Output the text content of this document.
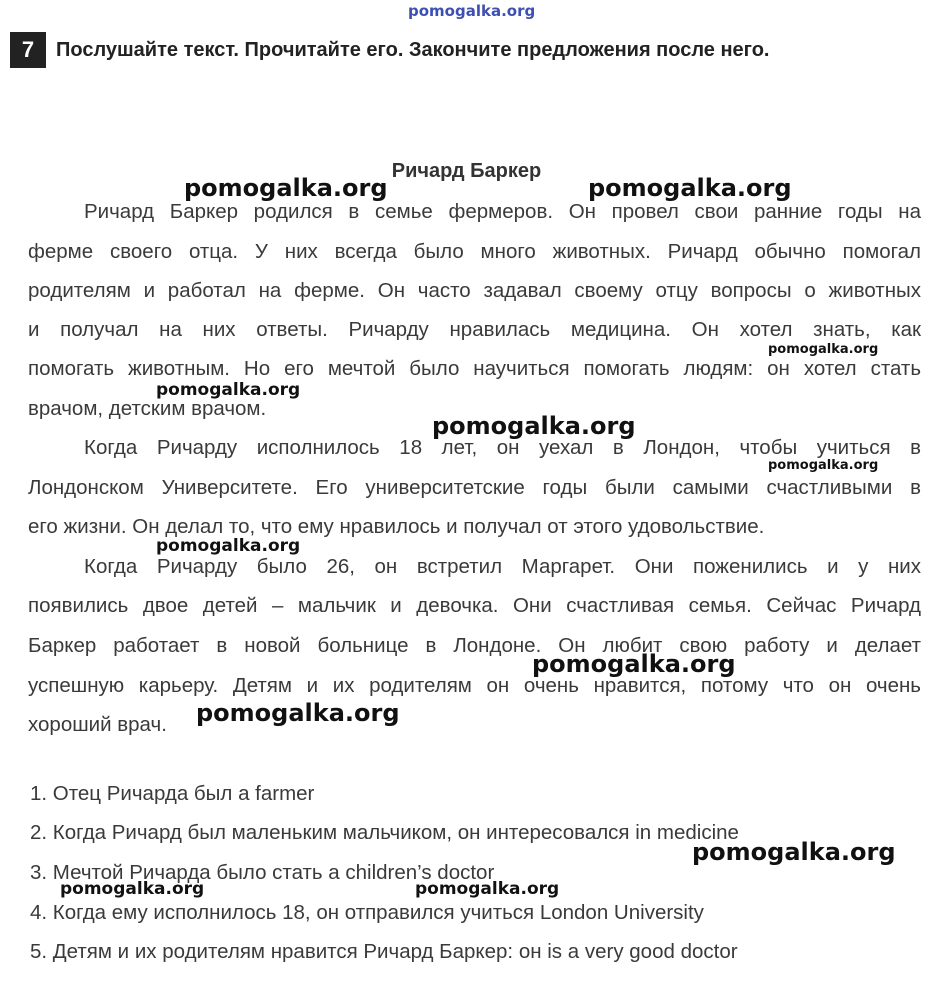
pomogalka.org
pomogalka.org	pomogalka.org
pomogalka.org
pomogalka.org
pomogalka.org
pomogalka.org
pomogalka.org
pomogalka.org
pomogalka.org
pomogalka.org
pomogalka.org	pomogalka.org
7	Послушайте текст. Прочитайте его. Закончите предложения после него.
Ричард Баркер
Ричард Баркер родился в семье фермеров. Он провел свои ранние годы на
ферме своего отца. У них всегда было много животных. Ричард обычно помогал
родителям и работал на ферме. Он часто задавал своему отцу вопросы о животных
и получал на них ответы. Ричарду нравилась медицина. Он хотел знать, как
помогать животным. Но его мечтой было научиться помогать людям: он хотел стать
врачом, детским врачом.
Когда Ричарду исполнилось 18 лет, он уехал в Лондон, чтобы учиться в
Лондонском Университете. Его университетские годы были самыми счастливыми в
его жизни. Он делал то, что ему нравилось и получал от этого удовольствие.
Когда Ричарду было 26, он встретил Маргарет. Они поженились и у них
появились двое детей – мальчик и девочка. Они счастливая семья. Сейчас Ричард
Баркер работает в новой больнице в Лондоне. Он любит свою работу и делает
успешную карьеру. Детям и их родителям он очень нравится, потому что он очень
хороший врач.
1. Отец Ричарда был a farmer
2. Когда Ричард был маленьким мальчиком, он интересовался in medicine
3. Мечтой Ричарда было стать a children’s doctor
4. Когда ему исполнилось 18, он отправился учиться London University
5. Детям и их родителям нравится Ричард Баркер: он is a very good doctor
